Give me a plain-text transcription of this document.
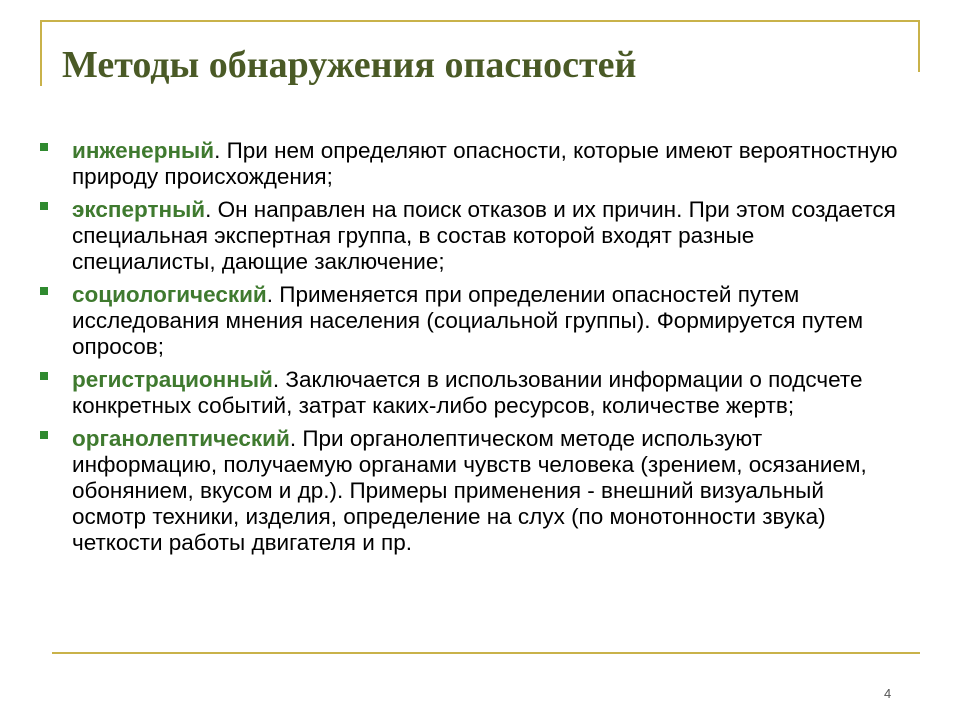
Методы обнаружения опасностей
инженерный. При нем определяют опасности, которые имеют вероятностную природу происхождения;
экспертный. Он направлен на поиск отказов и их причин. При этом создается специальная экспертная группа, в состав которой входят разные специалисты, дающие заключение;
социологический. Применяется при определении опасностей путем исследования мнения населения (социальной группы). Формируется путем опросов;
регистрационный. Заключается в использовании информации о подсчете конкретных событий, затрат каких-либо ресурсов, количестве жертв;
органолептический. При органолептическом методе используют информацию, получаемую органами чувств человека (зрением, осязанием, обонянием, вкусом и др.). Примеры применения - внешний визуальный осмотр техники, изделия, определение на слух (по монотонности звука) четкости работы двигателя и пр.
4
